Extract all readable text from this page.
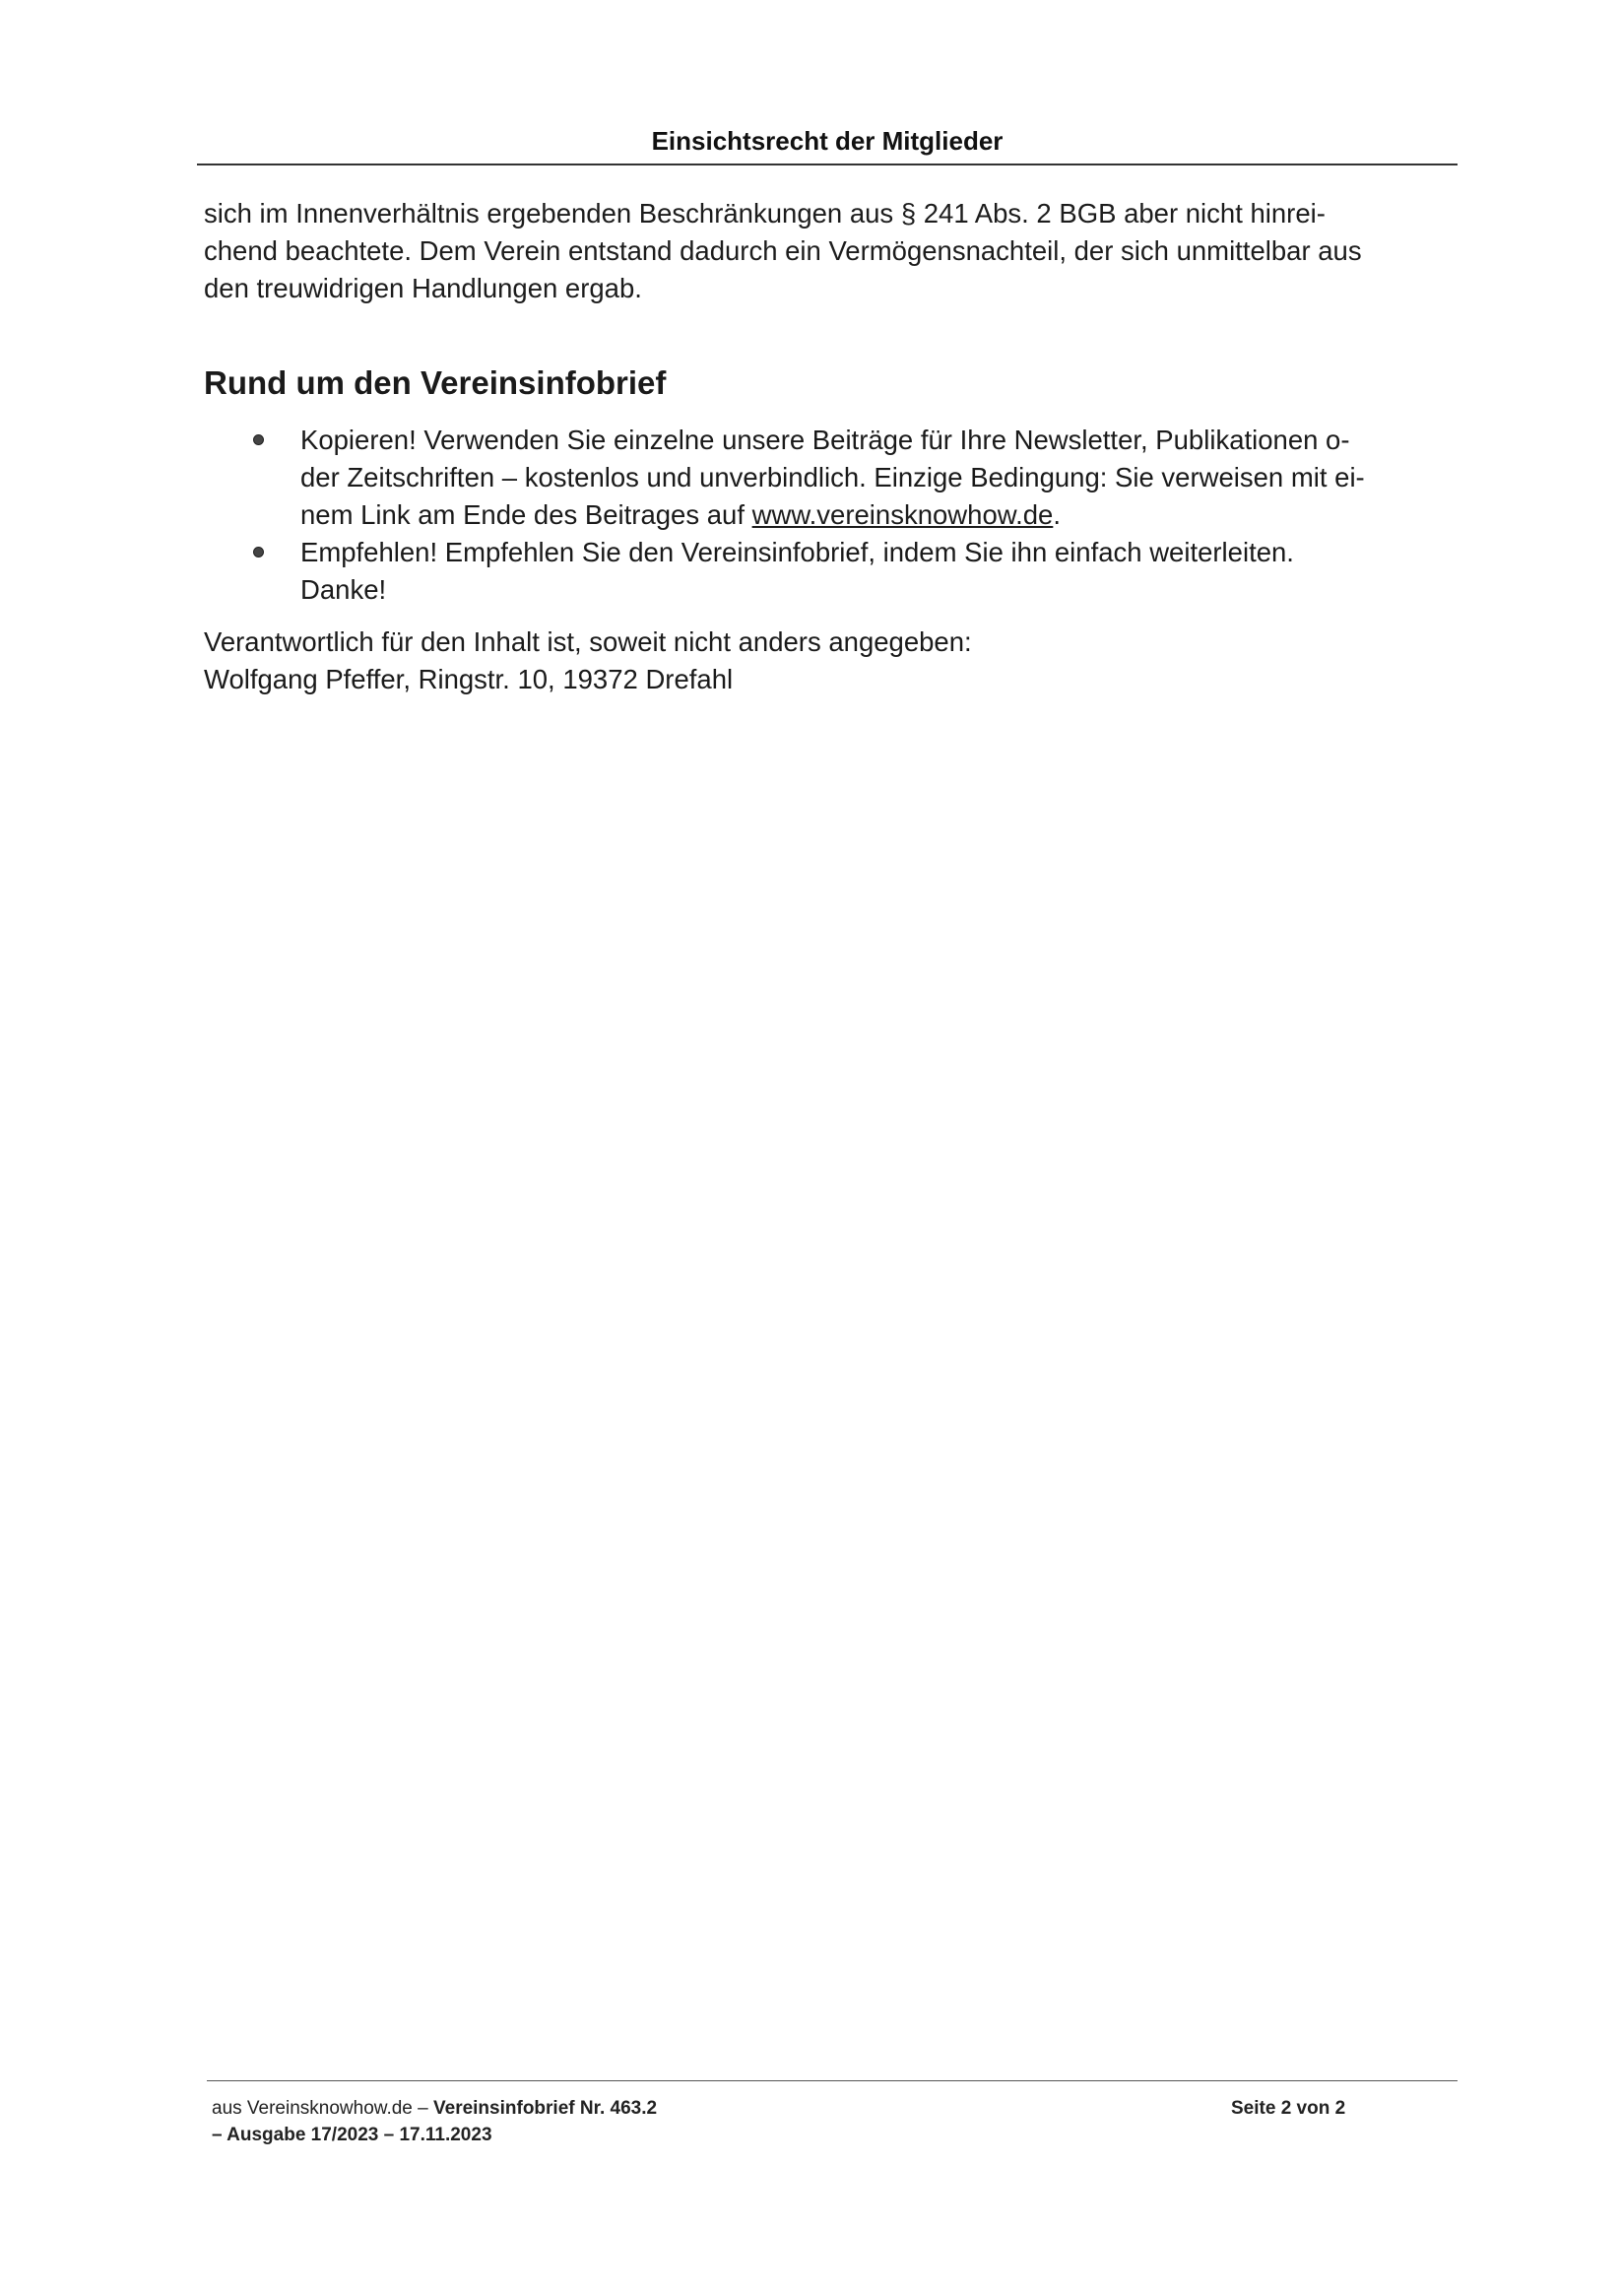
Einsichtsrecht der Mitglieder

sich im Innenverhältnis ergebenden Beschränkungen aus § 241 Abs. 2 BGB aber nicht hinrei-

chend beachtete. Dem Verein entstand dadurch ein Vermögensnachteil, der sich unmittelbar aus

den treuwidrigen Handlungen ergab.

Rund um den Vereinsinfobrief
Kopieren! Verwenden Sie einzelne unsere Beiträge für Ihre Newsletter, Publikationen o-
der Zeitschriften – kostenlos und unverbindlich. Einzige Bedingung: Sie verweisen mit ei-
nem Link am Ende des Beitrages auf www.vereinsknowhow.de.
Empfehlen! Empfehlen Sie den Vereinsinfobrief, indem Sie ihn einfach weiterleiten.
Danke!

Verantwortlich für den Inhalt ist, soweit nicht anders angegeben:

Wolfgang Pfeffer, Ringstr. 10, 19372 Drefahl

aus Vereinsknowhow.de – Vereinsinfobrief Nr. 463.2
– Ausgabe 17/2023 – 17.11.2023
Seite 2 von 2
